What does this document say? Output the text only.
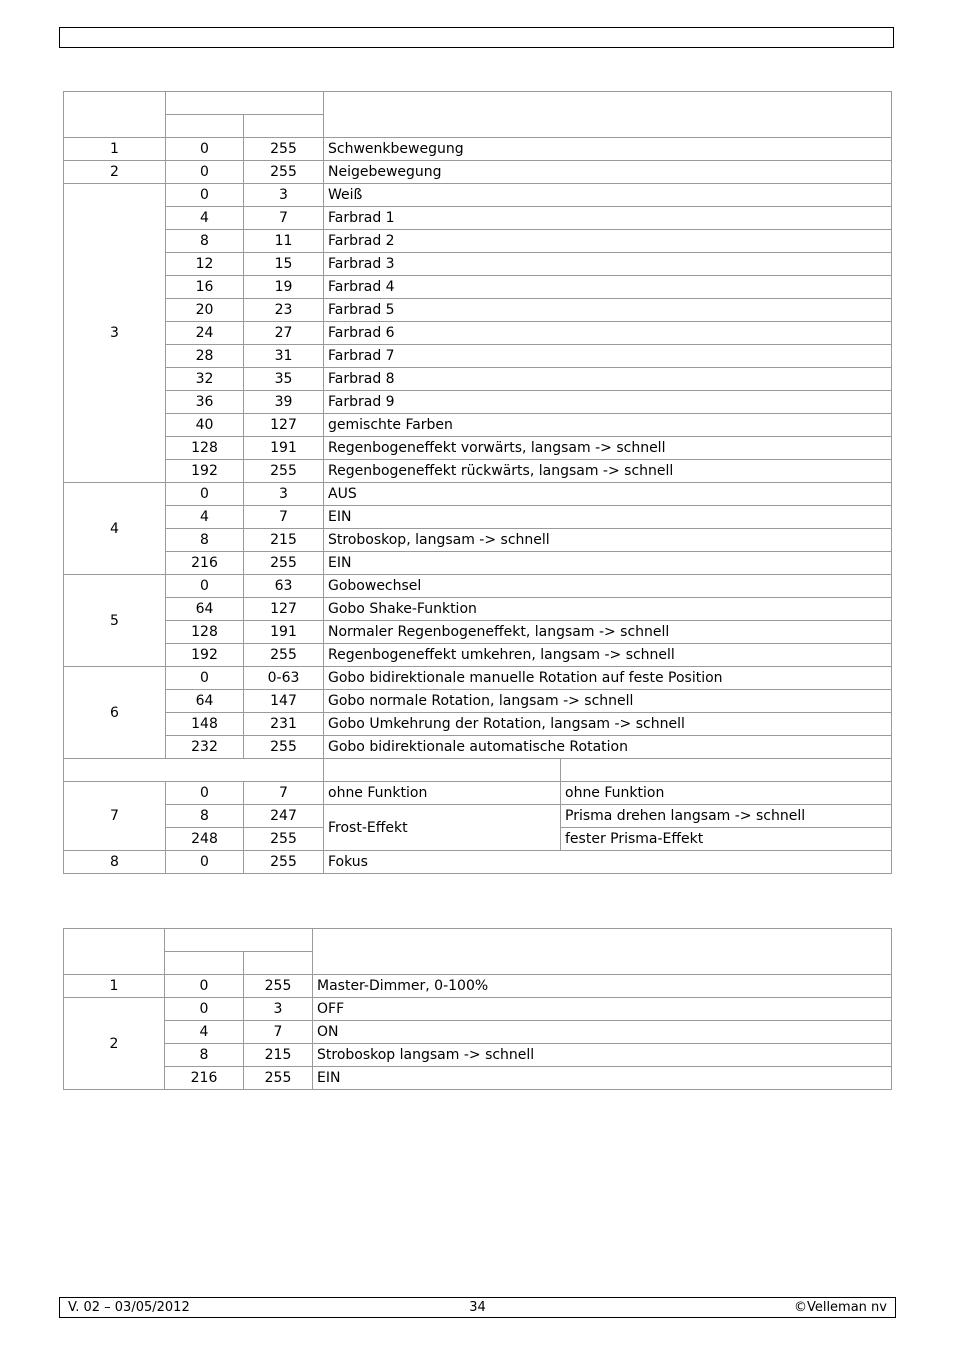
1	0	255	Schwenkbewegung	
2	0	255	Neigebewegung	
3	0	3	Weiß	
	4	7	Farbrad 1	
	8	11	Farbrad 2	
	12	15	Farbrad 3	
	16	19	Farbrad 4	
	20	23	Farbrad 5	
	24	27	Farbrad 6	
	28	31	Farbrad 7	
	32	35	Farbrad 8	
	36	39	Farbrad 9	
	40	127	gemischte Farben	
	128	191	Regenbogeneffekt vorwärts, langsam -> schnell	
	192	255	Regenbogeneffekt rückwärts, langsam -> schnell	
4	0	3	AUS	
	4	7	EIN	
	8	215	Stroboskop, langsam -> schnell	
	216	255	EIN	
5	0	63	Gobowechsel	
	64	127	Gobo Shake-Funktion	
	128	191	Normaler Regenbogeneffekt, langsam -> schnell	
	192	255	Regenbogeneffekt umkehren, langsam -> schnell	
6	0	0-63	Gobo bidirektionale manuelle Rotation auf feste Position	
	64	147	Gobo normale Rotation, langsam -> schnell	
	148	231	Gobo Umkehrung der Rotation, langsam -> schnell	
	232	255	Gobo bidirektionale automatische Rotation	

7	0	7	ohne Funktion	ohne Funktion
	8	247	Frost-Effekt	Prisma drehen langsam -> schnell
	248	255		fester Prisma-Effekt
8	0	255	Fokus	

1	0	255	Master-Dimmer, 0-100%
2	0	3	OFF
	4	7	ON
	8	215	Stroboskop langsam -> schnell
	216	255	EIN
34
V. 02 – 03/05/2012	©Velleman nv
